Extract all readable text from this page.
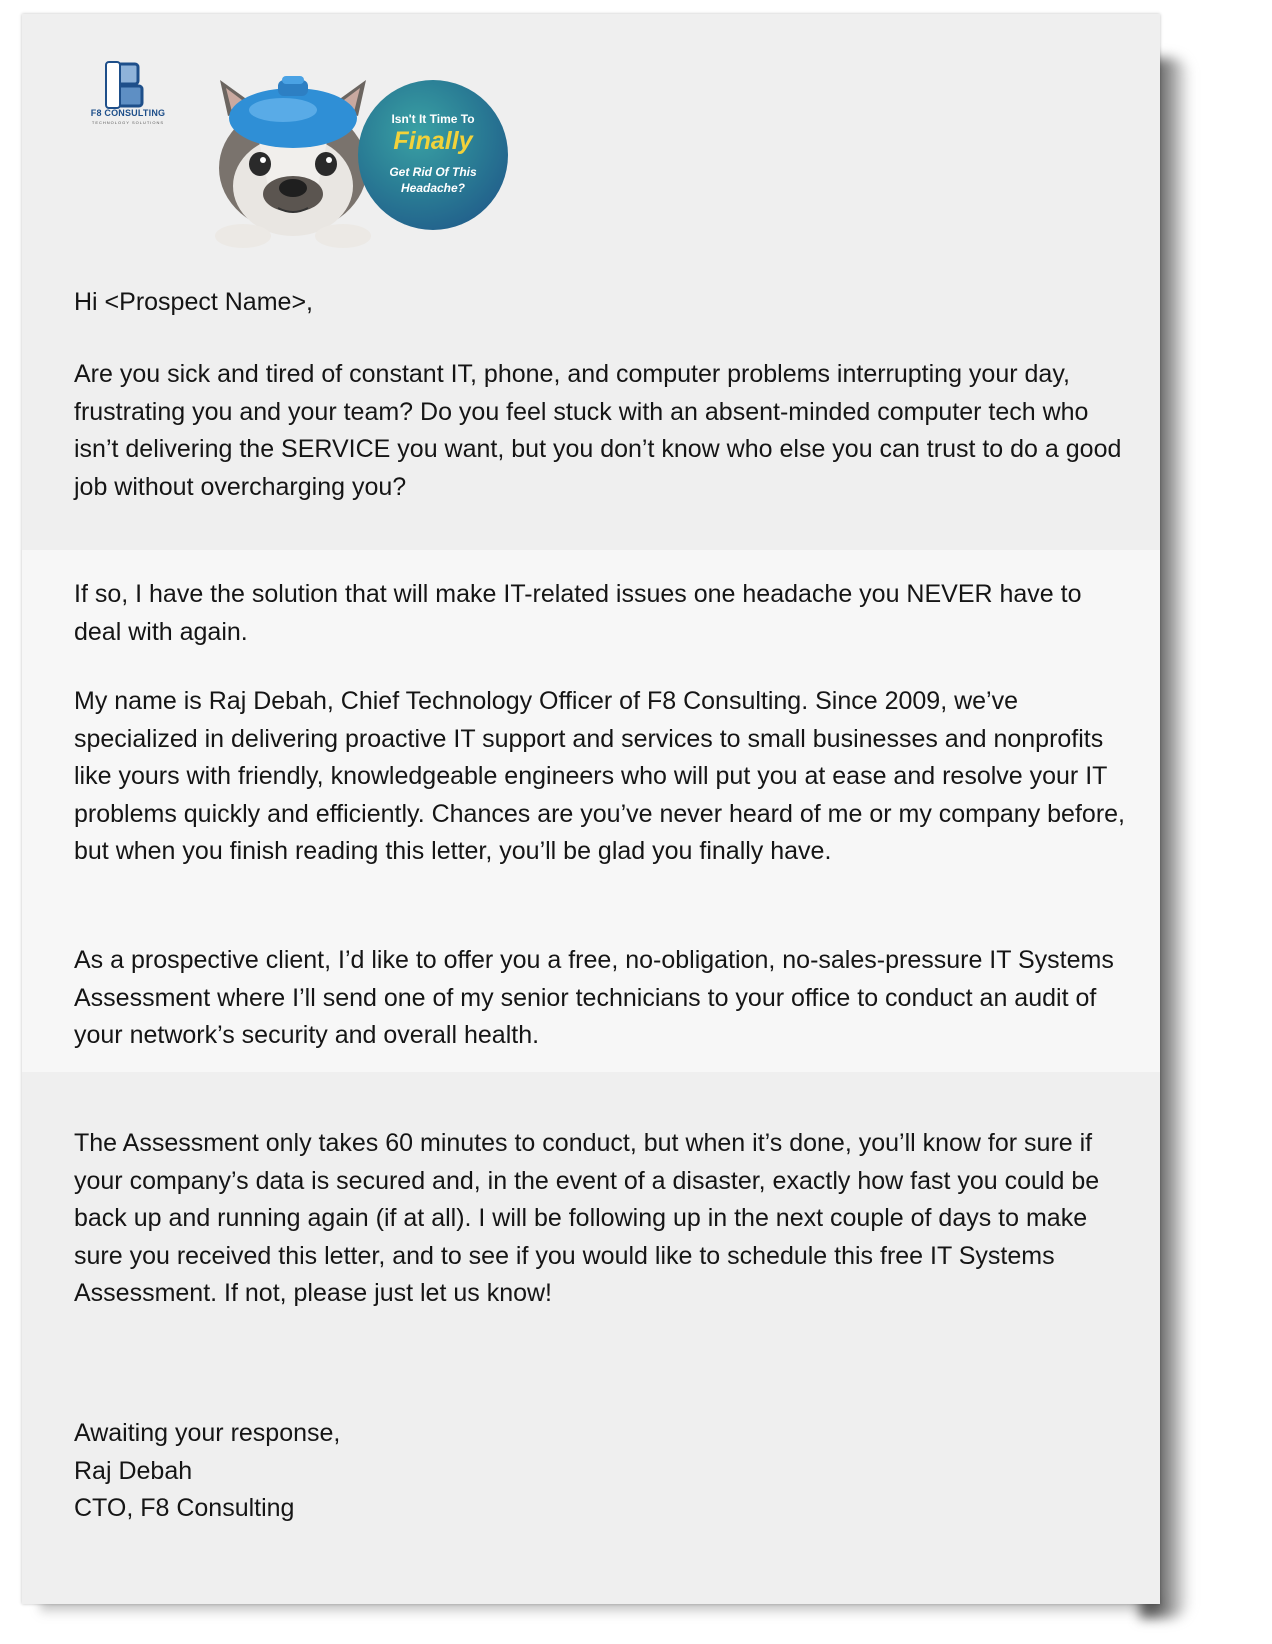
F8 CONSULTING
TECHNOLOGY SOLUTIONS	Isn't It Time To
Finally
Get Rid Of This
Headache?

Hi <Prospect Name>,

Are you sick and tired of constant IT, phone, and computer problems interrupting your day, frustrating you and your team? Do you feel stuck with an absent-minded computer tech who isn’t delivering the SERVICE you want, but you don’t know who else you can trust to do a good job without overcharging you?

If so, I have the solution that will make IT-related issues one headache you NEVER have to deal with again.

My name is Raj Debah, Chief Technology Officer of F8 Consulting. Since 2009, we’ve specialized in delivering proactive IT support and services to small businesses and nonprofits like yours with friendly, knowledgeable engineers who will put you at ease and resolve your IT problems quickly and efficiently. Chances are you’ve never heard of me or my company before, but when you finish reading this letter, you’ll be glad you finally have.

As a prospective client, I’d like to offer you a free, no-obligation, no-sales-pressure IT Systems Assessment where I’ll send one of my senior technicians to your office to conduct an audit of your network’s security and overall health.

The Assessment only takes 60 minutes to conduct, but when it’s done, you’ll know for sure if your company’s data is secured and, in the event of a disaster, exactly how fast you could be back up and running again (if at all). I will be following up in the next couple of days to make sure you received this letter, and to see if you would like to schedule this free IT Systems Assessment. If not, please just let us know!

Awaiting your response,
Raj Debah
CTO, F8 Consulting
